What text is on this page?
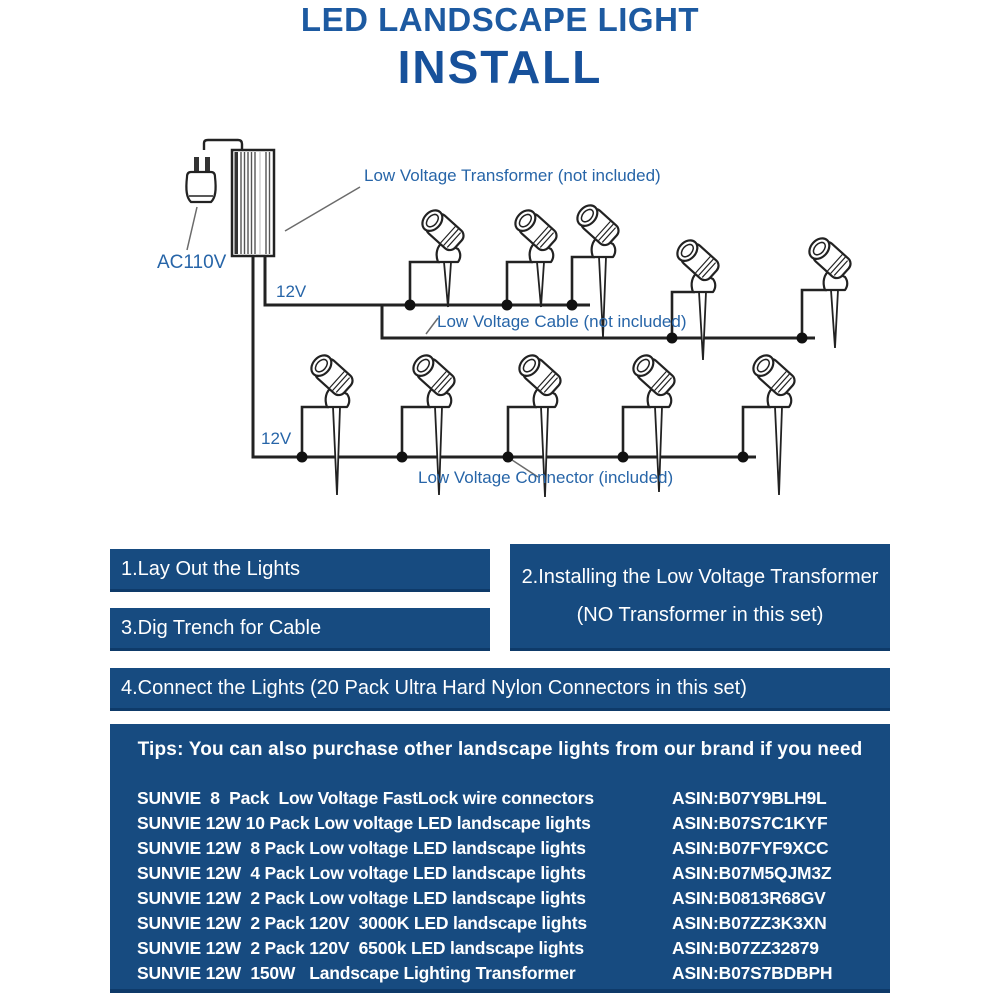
LED LANDSCAPE LIGHT
INSTALL
Low Voltage Transformer (not included)
AC110V
12V
Low Voltage Cable (not included)
12V
Low Voltage Connector (included)
1.Lay Out the Lights	2.Installing the Low Voltage Transformer
(NO Transformer in this set)
3.Dig Trench for Cable
4.Connect the Lights (20 Pack Ultra Hard Nylon Connectors in this set)
Tips: You can also purchase other landscape lights from our brand if you need
SUNVIE  8  Pack  Low Voltage FastLock wire connectors	ASIN:B07Y9BLH9L
SUNVIE 12W 10 Pack Low voltage LED landscape lights	ASIN:B07S7C1KYF
SUNVIE 12W  8 Pack Low voltage LED landscape lights	ASIN:B07FYF9XCC
SUNVIE 12W  4 Pack Low voltage LED landscape lights	ASIN:B07M5QJM3Z
SUNVIE 12W  2 Pack Low voltage LED landscape lights	ASIN:B0813R68GV
SUNVIE 12W  2 Pack 120V  3000K LED landscape lights	ASIN:B07ZZ3K3XN
SUNVIE 12W  2 Pack 120V  6500k LED landscape lights	ASIN:B07ZZ32879
SUNVIE 12W  150W   Landscape Lighting Transformer	ASIN:B07S7BDBPH
